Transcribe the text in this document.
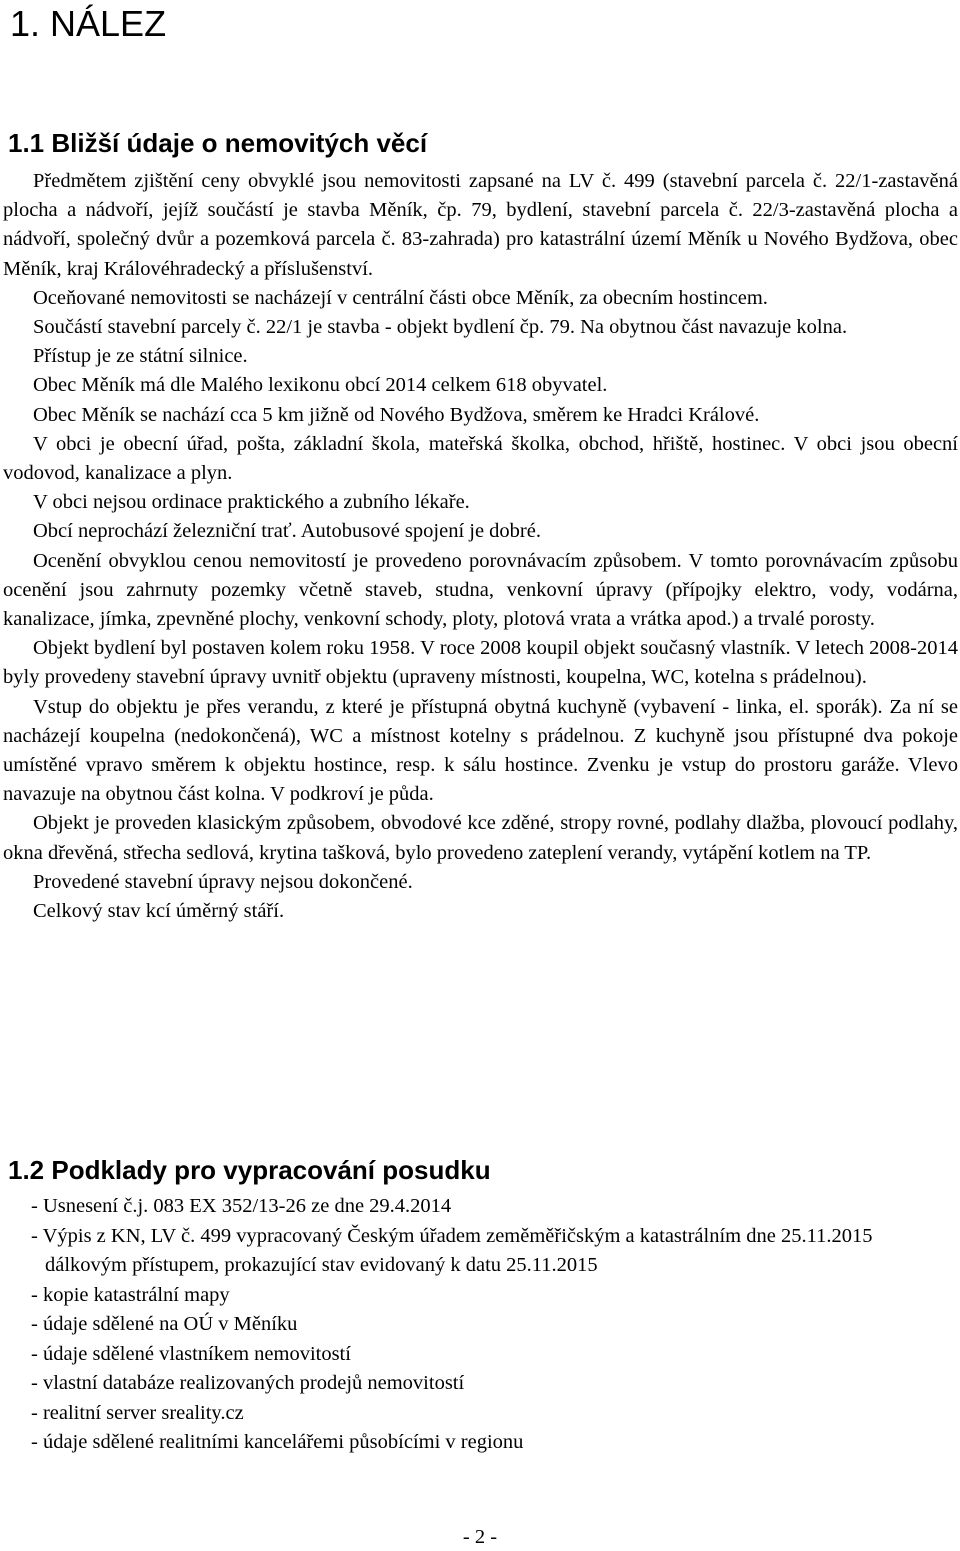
1. NÁLEZ
1.1 Bližší údaje o nemovitých věcí

Předmětem zjištění ceny obvyklé jsou nemovitosti zapsané na LV č. 499 (stavební parcela č. 22/1-zastavěná plocha a nádvoří, jejíž součástí je stavba Měník, čp. 79, bydlení, stavební parcela č. 22/3-zastavěná plocha a nádvoří, společný dvůr a pozemková parcela č. 83-zahrada) pro katastrální území Měník u Nového Bydžova, obec Měník, kraj Královéhradecký a příslušenství.

Oceňované nemovitosti se nacházejí v centrální části obce Měník, za obecním hostincem.

Součástí stavební parcely č. 22/1 je stavba - objekt bydlení čp. 79. Na obytnou část navazuje kolna.

Přístup je ze státní silnice.

Obec Měník má dle Malého lexikonu obcí 2014 celkem 618 obyvatel.

Obec Měník se nachází cca 5 km jižně od Nového Bydžova, směrem ke Hradci Králové.

V obci je obecní úřad, pošta, základní škola, mateřská školka, obchod, hřiště, hostinec. V obci jsou obecní vodovod, kanalizace a plyn.

V obci nejsou ordinace praktického a zubního lékaře.

Obcí neprochází železniční trať. Autobusové spojení je dobré.

Ocenění obvyklou cenou nemovitostí je provedeno porovnávacím způsobem. V tomto porovnávacím způsobu ocenění jsou zahrnuty pozemky včetně staveb, studna, venkovní úpravy (přípojky elektro, vody, vodárna, kanalizace, jímka, zpevněné plochy, venkovní schody, ploty, plotová vrata a vrátka apod.) a trvalé porosty.

Objekt bydlení byl postaven kolem roku 1958. V roce 2008 koupil objekt současný vlastník. V letech 2008-2014 byly provedeny stavební úpravy uvnitř objektu (upraveny místnosti, koupelna, WC, kotelna s prádelnou).

Vstup do objektu je přes verandu, z které je přístupná obytná kuchyně (vybavení - linka, el. sporák). Za ní se nacházejí koupelna (nedokončená), WC a místnost kotelny s prádelnou. Z kuchyně jsou přístupné dva pokoje umístěné vpravo směrem k objektu hostince, resp. k sálu hostince. Zvenku je vstup do prostoru garáže. Vlevo navazuje na obytnou část kolna. V podkroví je půda.

Objekt je proveden klasickým způsobem, obvodové kce zděné, stropy rovné, podlahy dlažba, plovoucí podlahy, okna dřevěná, střecha sedlová, krytina tašková, bylo provedeno zateplení verandy, vytápění kotlem na TP.

Provedené stavební úpravy nejsou dokončené.

Celkový stav kcí úměrný stáří.

1.2 Podklady pro vypracování posudku
- Usnesení č.j. 083 EX 352/13-26 ze dne 29.4.2014
- Výpis z KN, LV č. 499 vypracovaný Českým úřadem zeměměřičským a katastrálním dne 25.11.2015 dálkovým přístupem, prokazující stav evidovaný k datu 25.11.2015
- kopie katastrální mapy
- údaje sdělené na OÚ v Měníku
- údaje sdělené vlastníkem nemovitostí
- vlastní databáze realizovaných prodejů nemovitostí
- realitní server sreality.cz
- údaje sdělené realitními kancelářemi působícími v regionu
- 2 -
